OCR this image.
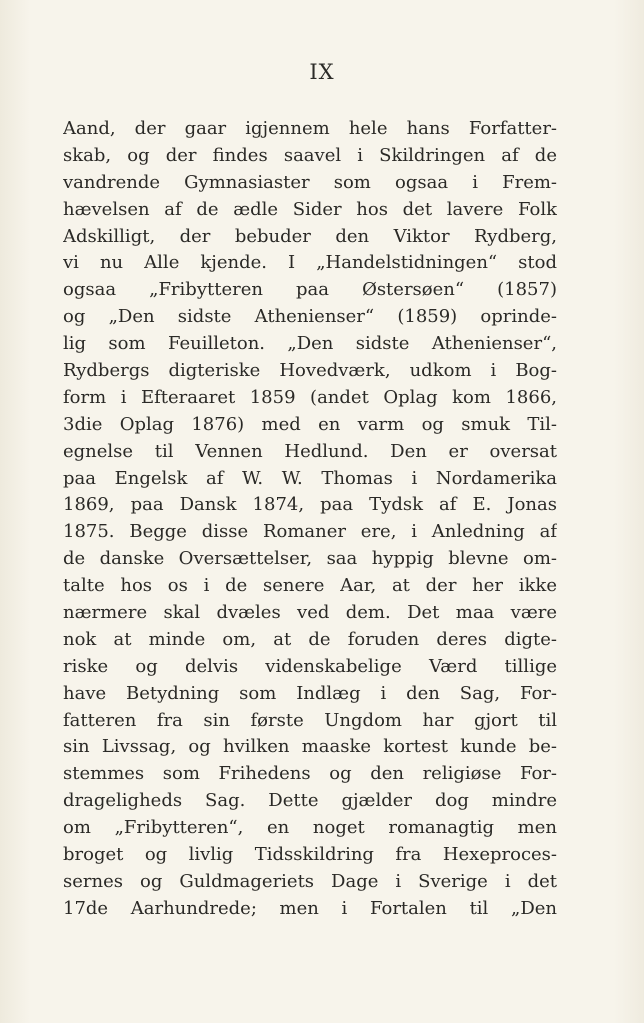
IX
Aand, der gaar igjennem hele hans Forfatter-
skab, og der findes saavel i Skildringen af de
vandrende Gymnasiaster som ogsaa i Frem-
hævelsen af de ædle Sider hos det lavere Folk
Adskilligt, der bebuder den Viktor Rydberg,
vi nu Alle kjende. I „Handelstidningen“ stod
ogsaa „Fribytteren paa Østersøen“ (1857)
og „Den sidste Athenienser“ (1859) oprinde-
lig som Feuilleton. „Den sidste Athenienser“,
Rydbergs digteriske Hovedværk, udkom i Bog-
form i Efteraaret 1859 (andet Oplag kom 1866,
3die Oplag 1876) med en varm og smuk Til-
egnelse til Vennen Hedlund. Den er oversat
paa Engelsk af W. W. Thomas i Nordamerika
1869, paa Dansk 1874, paa Tydsk af E. Jonas
1875. Begge disse Romaner ere, i Anledning af
de danske Oversættelser, saa hyppig blevne om-
talte hos os i de senere Aar, at der her ikke
nærmere skal dvæles ved dem. Det maa være
nok at minde om, at de foruden deres digte-
riske og delvis videnskabelige Værd tillige
have Betydning som Indlæg i den Sag, For-
fatteren fra sin første Ungdom har gjort til
sin Livssag, og hvilken maaske kortest kunde be-
stemmes som Frihedens og den religiøse For-
drageligheds Sag. Dette gjælder dog mindre
om „Fribytteren“, en noget romanagtig men
broget og livlig Tidsskildring fra Hexeproces-
sernes og Guldmageriets Dage i Sverige i det
17de Aarhundrede; men i Fortalen til „Den
